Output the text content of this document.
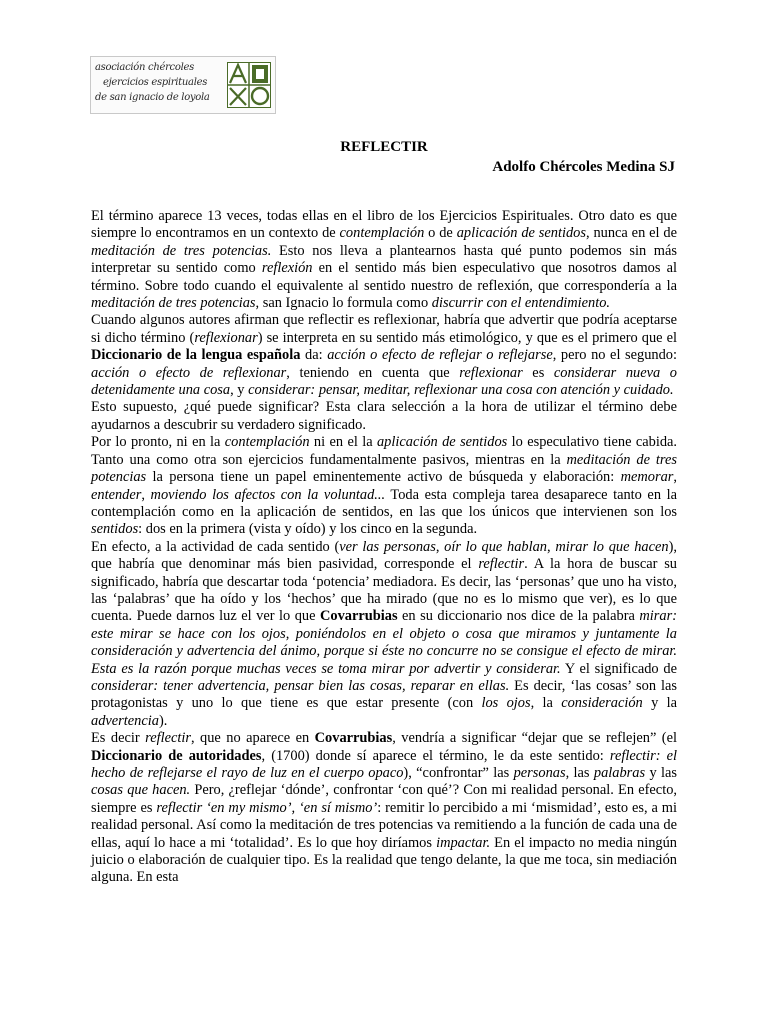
asociación chércoles
ejercicios espirituales
de san ignacio de loyola
REFLECTIR
Adolfo Chércoles Medina SJ

El término aparece 13 veces, todas ellas en el libro de los Ejercicios Espirituales. Otro dato es que siempre lo encontramos en un contexto de contemplación o de aplicación de sentidos, nunca en el de meditación de tres potencias. Esto nos lleva a plantearnos hasta qué punto podemos sin más interpretar su sentido como reflexión en el sentido más bien especulativo que nosotros damos al término. Sobre todo cuando el equivalente al sentido nuestro de reflexión, que correspondería a la meditación de tres potencias, san Ignacio lo formula como discurrir con el entendimiento.

Cuando algunos autores afirman que reflectir es reflexionar, habría que advertir que podría aceptarse si dicho término (reflexionar) se interpreta en su sentido más etimológico, y que es el primero que el Diccionario de la lengua española da: acción o efecto de reflejar o reflejarse, pero no el segundo: acción o efecto de reflexionar, teniendo en cuenta que reflexionar es considerar nueva o detenidamente una cosa, y considerar: pensar, meditar, reflexionar una cosa con atención y cuidado.

Esto supuesto, ¿qué puede significar? Esta clara selección a la hora de utilizar el término debe ayudarnos a descubrir su verdadero significado.

Por lo pronto, ni en la contemplación ni en el la aplicación de sentidos lo especulativo tiene cabida. Tanto una como otra son ejercicios fundamentalmente pasivos, mientras en la meditación de tres potencias la persona tiene un papel eminentemente activo de búsqueda y elaboración: memorar, entender, moviendo los afectos con la voluntad... Toda esta compleja tarea desaparece tanto en la contemplación como en la aplicación de sentidos, en las que los únicos que intervienen son los sentidos: dos en la primera (vista y oído) y los cinco en la segunda.

En efecto, a la actividad de cada sentido (ver las personas, oír lo que hablan, mirar lo que hacen), que habría que denominar más bien pasividad, corresponde el reflectir. A la hora de buscar su significado, habría que descartar toda ‘potencia’ mediadora. Es decir, las ‘personas’ que uno ha visto, las ‘palabras’ que ha oído y los ‘hechos’ que ha mirado (que no es lo mismo que ver), es lo que cuenta. Puede darnos luz el ver lo que Covarrubias en su diccionario nos dice de la palabra mirar: este mirar se hace con los ojos, poniéndolos en el objeto o cosa que miramos y juntamente la consideración y advertencia del ánimo, porque si éste no concurre no se consigue el efecto de mirar. Esta es la razón porque muchas veces se toma mirar por advertir y considerar. Y el significado de considerar: tener advertencia, pensar bien las cosas, reparar en ellas. Es decir, ‘las cosas’ son las protagonistas y uno lo que tiene es que estar presente (con los ojos, la consideración y la advertencia).

Es decir reflectir, que no aparece en Covarrubias, vendría a significar “dejar que se reflejen” (el Diccionario de autoridades, (1700) donde sí aparece el término, le da este sentido: reflectir: el hecho de reflejarse el rayo de luz en el cuerpo opaco), “confrontar” las personas, las palabras y las cosas que hacen. Pero, ¿reflejar ‘dónde’, confrontar ‘con qué’? Con mi realidad personal. En efecto, siempre es reflectir ‘en my mismo’, ‘en sí mismo’: remitir lo percibido a mi ‘mismidad’, esto es, a mi realidad personal. Así como la meditación de tres potencias va remitiendo a la función de cada una de ellas, aquí lo hace a mi ‘totalidad’. Es lo que hoy diríamos impactar. En el impacto no media ningún juicio o elaboración de cualquier tipo. Es la realidad que tengo delante, la que me toca, sin mediación alguna. En esta
